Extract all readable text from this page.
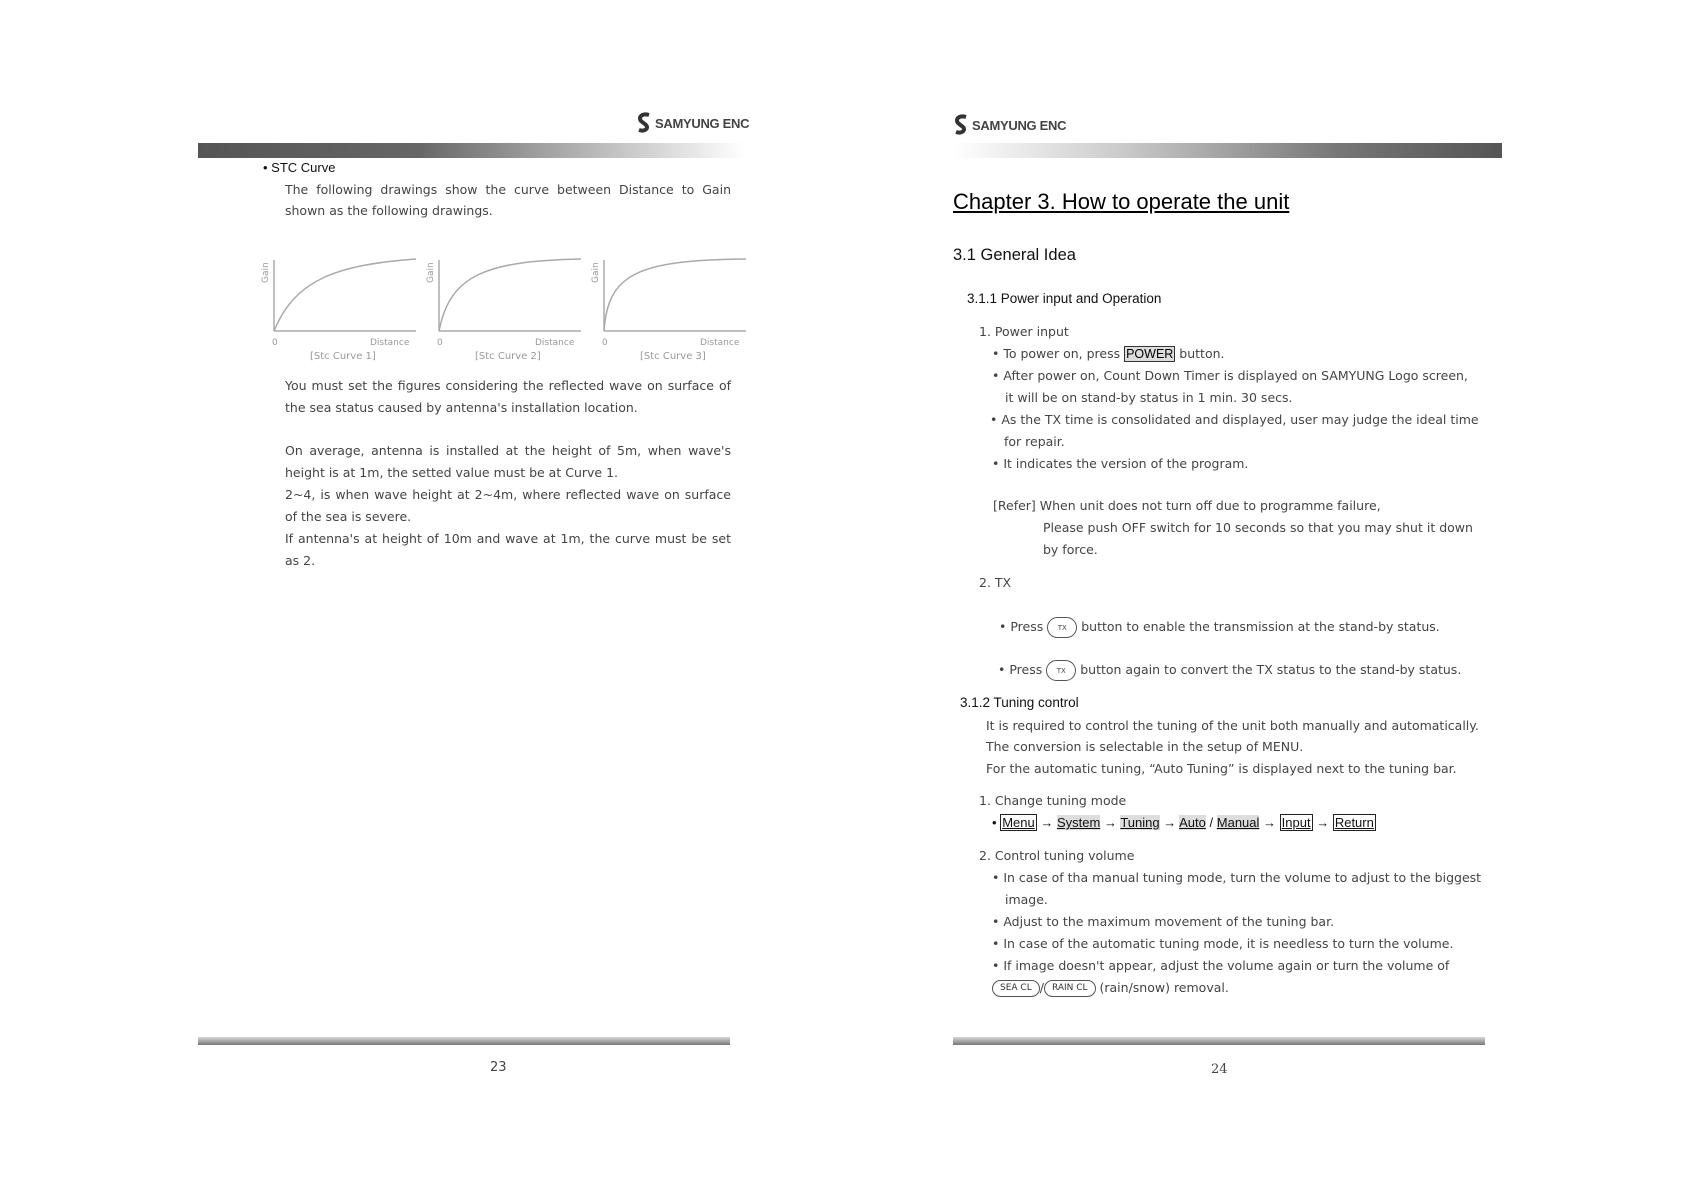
SAMYUNG ENC
• STC Curve
The following drawings show the curve between Distance to Gain
shown as the following drawings.
Gain
0	Distance
[Stc Curve 1]
Gain
0	Distance
[Stc Curve 2]
Gain
0	Distance
[Stc Curve 3]
You must set the figures considering the reflected wave on surface of
the sea status caused by antenna's installation location.
On average, antenna is installed at the height of 5m, when wave's
height is at 1m, the setted value must be at Curve 1.
2~4, is when wave height at 2~4m, where reflected wave on surface
of the sea is severe.
If antenna's at height of 10m and wave at 1m, the curve must be set
as 2.
23
SAMYUNG ENC
Chapter 3. How to operate the unit
3.1 General Idea
3.1.1 Power input and Operation
1. Power input
• To power on, press POWER button.
• After power on, Count Down Timer is displayed on SAMYUNG Logo screen,
it will be on stand-by status in 1 min. 30 secs.
• As the TX time is consolidated and displayed, user may judge the ideal time
for repair.
• It indicates the version of the program.
[Refer] When unit does not turn off due to programme failure,
Please push OFF switch for 10 seconds so that you may shut it down
by force.
2. TX
• Press TX button to enable the transmission at the stand-by status.
• Press TX button again to convert the TX status to the stand-by status.
3.1.2 Tuning control
It is required to control the tuning of the unit both manually and automatically.
The conversion is selectable in the setup of MENU.
For the automatic tuning, “Auto Tuning” is displayed next to the tuning bar.
1. Change tuning mode
• Menu → System → Tuning → Auto / Manual → Input → Return
2. Control tuning volume
• In case of tha manual tuning mode, turn the volume to adjust to the biggest
image.
• Adjust to the maximum movement of the tuning bar.
• In case of the automatic tuning mode, it is needless to turn the volume.
• If image doesn't appear, adjust the volume again or turn the volume of
SEA CL / RAIN CL (rain/snow) removal.
24
